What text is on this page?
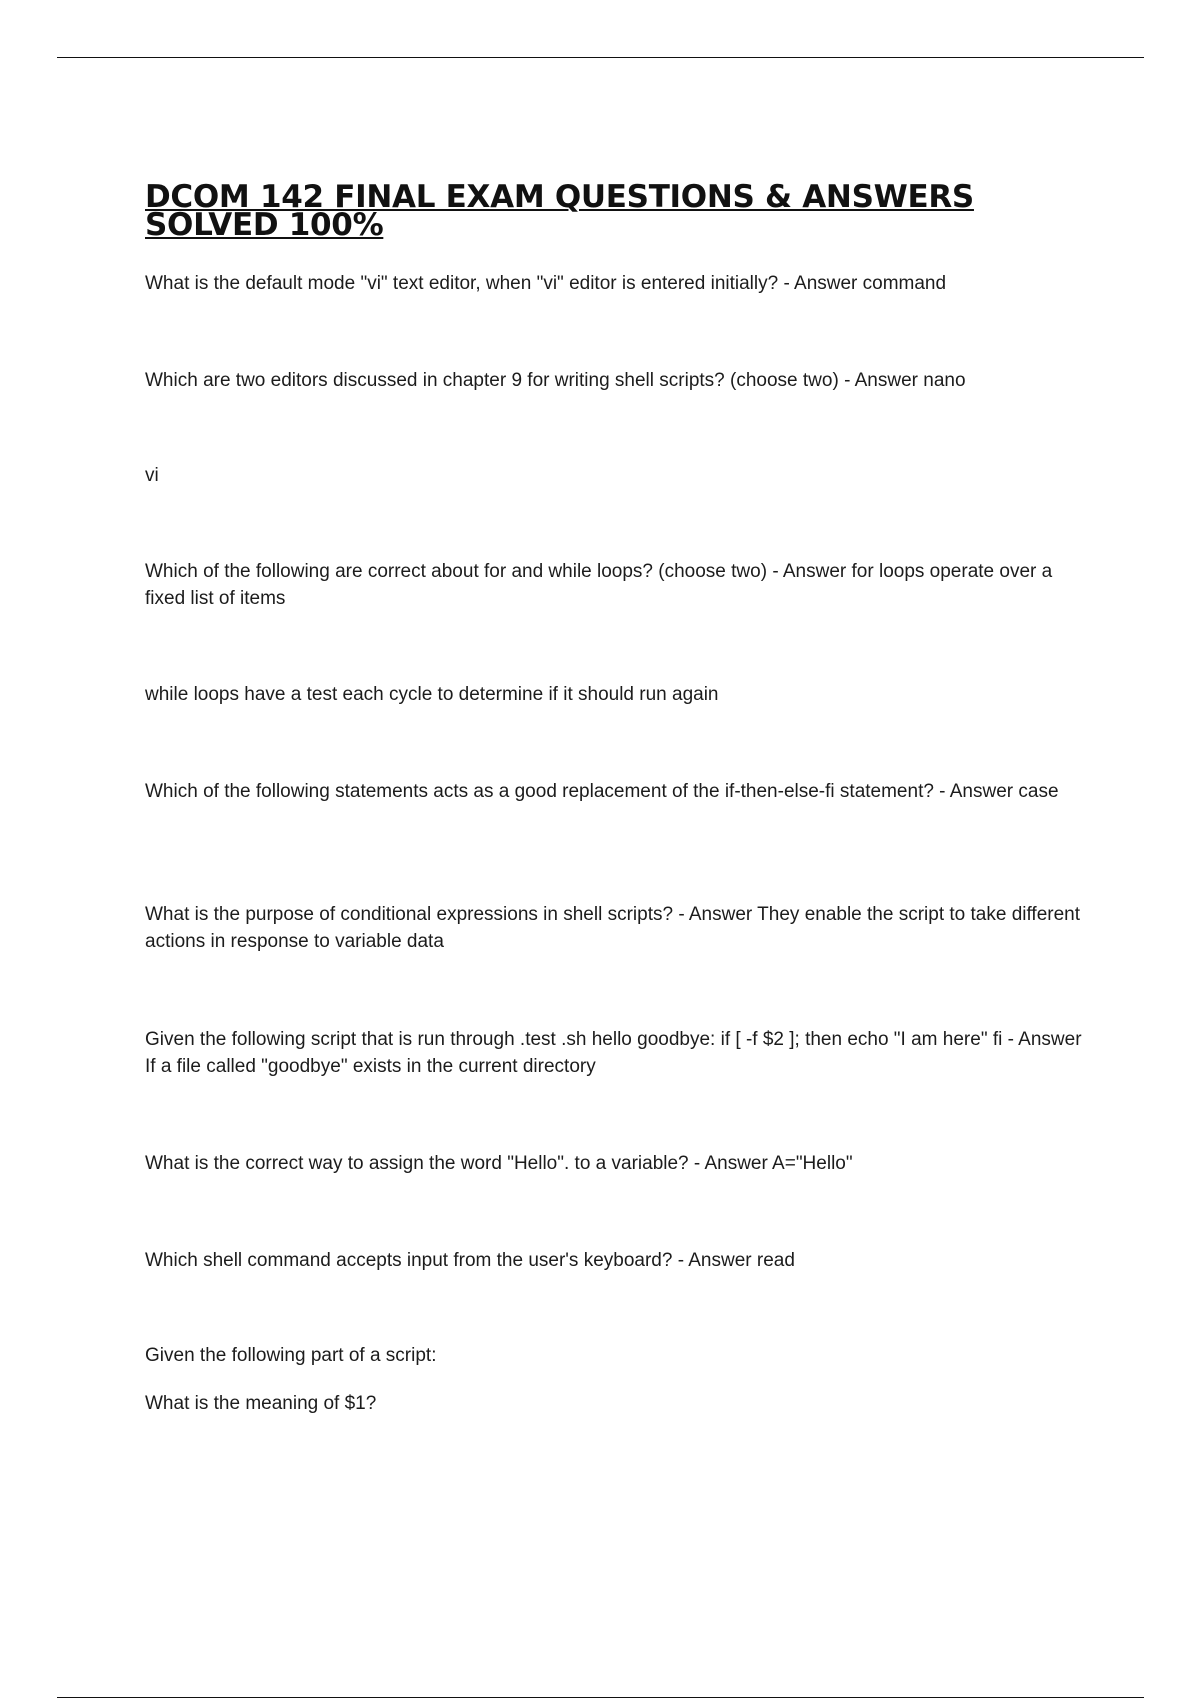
DCOM 142 FINAL EXAM QUESTIONS & ANSWERS
SOLVED 100%

What is the default mode "vi" text editor, when "vi" editor is entered initially? - Answer command

Which are two editors discussed in chapter 9 for writing shell scripts? (choose two) - Answer nano

vi

Which of the following are correct about for and while loops? (choose two) - Answer for loops operate over a fixed list of items

while loops have a test each cycle to determine if it should run again

Which of the following statements acts as a good replacement of the if-then-else-fi statement? - Answer case

What is the purpose of conditional expressions in shell scripts? - Answer They enable the script to take different actions in response to variable data

Given the following script that is run through .test .sh hello goodbye: if [ -f $2 ]; then echo "I am here" fi - Answer If a file called "goodbye" exists in the current directory

What is the correct way to assign the word "Hello". to a variable? - Answer A="Hello"

Which shell command accepts input from the user's keyboard? - Answer read

Given the following part of a script:

What is the meaning of $1?
